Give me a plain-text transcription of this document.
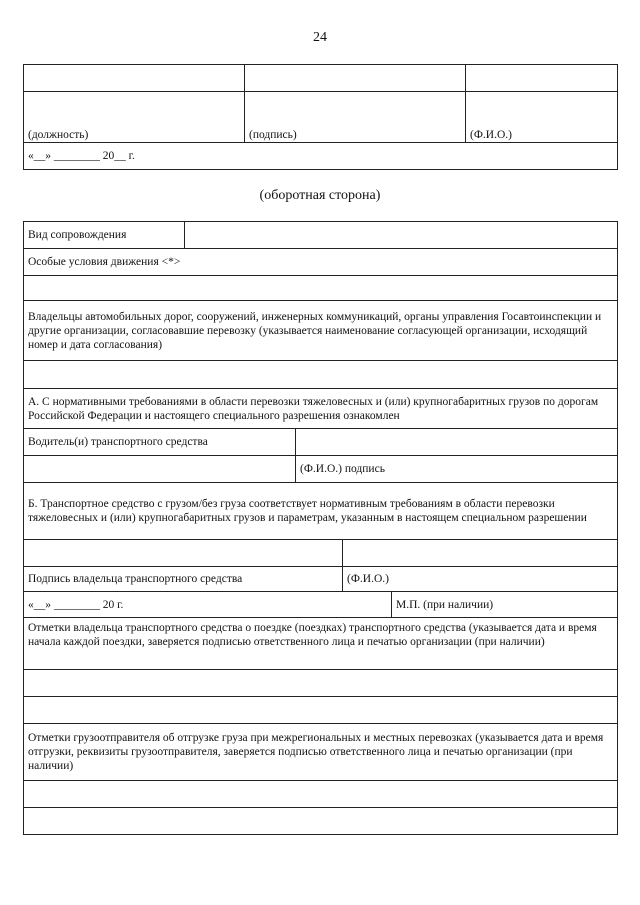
24

(должность)	(подпись)	(Ф.И.О.)
«__» ________ 20__ г.		
(оборотная сторона)
Вид сопровождения				
Особые условия движения <*>				

Владельцы автомобильных дорог, сооружений, инженерных коммуникаций, органы управления Госавтоинспекции и другие организации, согласовавшие перевозку (указывается наименование согласующей организации, исходящий номер и дата согласования)				

А. С нормативными требованиями в области перевозки тяжеловесных и (или) крупногабаритных грузов по дорогам Российской Федерации и настоящего специального разрешения ознакомлен				
Водитель(и) транспортного средства				
		(Ф.И.О.) подпись		
Б. Транспортное средство с грузом/без груза соответствует нормативным требованиям в области перевозки тяжеловесных и (или) крупногабаритных грузов и параметрам, указанным в настоящем специальном разрешении				

Подпись владельца транспортного средства			(Ф.И.О.)	
«__» ________ 20 г.				М.П. (при наличии)
Отметки владельца транспортного средства о поездке (поездках) транспортного средства (указывается дата и время начала каждой поездки, заверяется подписью ответственного лица и печатью организации (при наличии)				

Отметки грузоотправителя об отгрузке груза при межрегиональных и местных перевозках (указывается дата и время отгрузки, реквизиты грузоотправителя, заверяется подписью ответственного лица и печатью организации (при наличии)				
